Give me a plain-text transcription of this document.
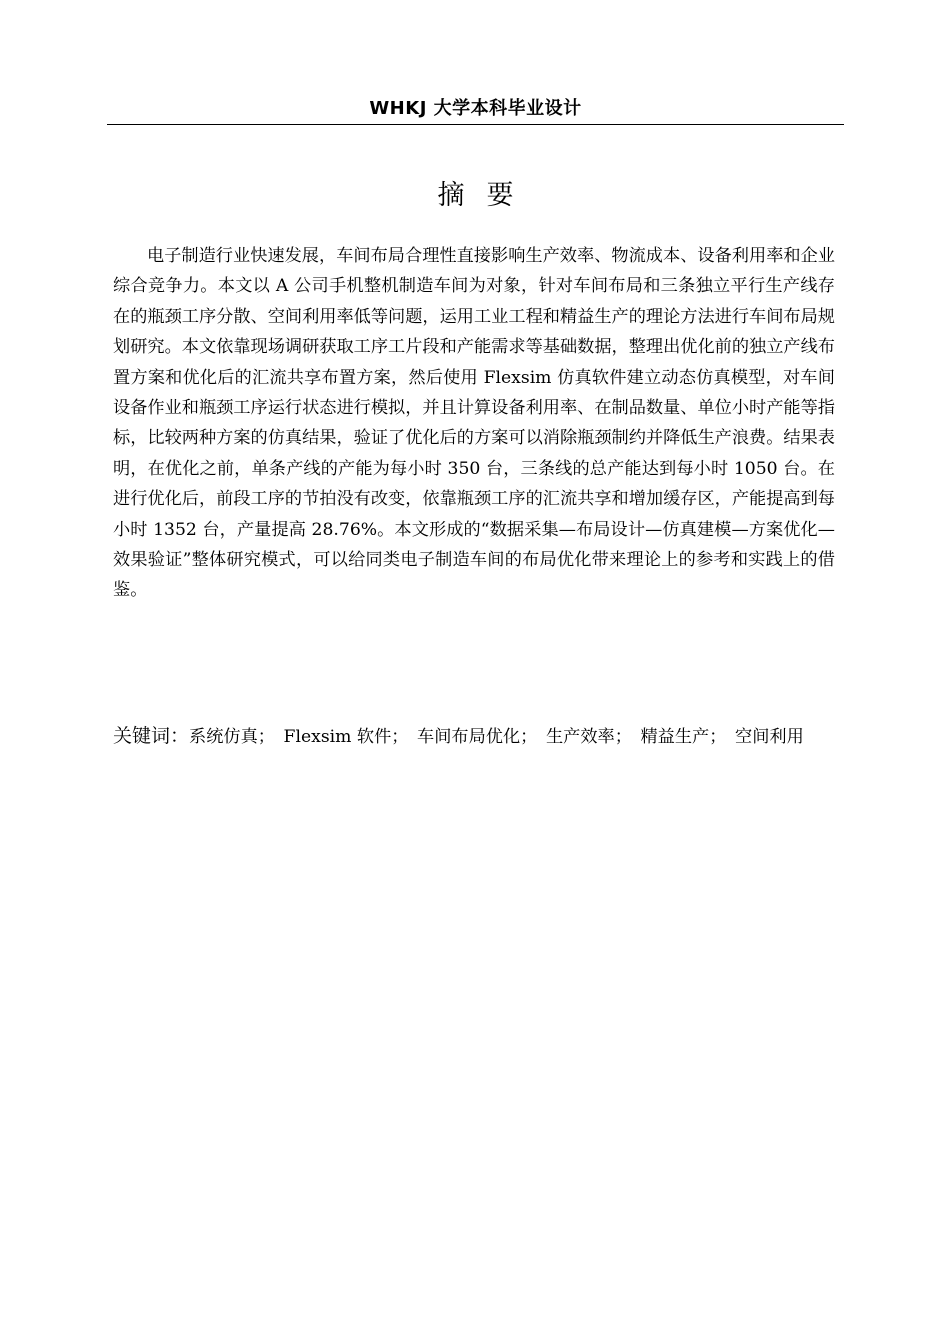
WHKJ 大学本科毕业设计
摘要

电子制造行业快速发展，车间布局合理性直接影响生产效率、物流成本、设备利用率和企业综合竞争力。本文以 A 公司手机整机制造车间为对象，针对车间布局和三条独立平行生产线存在的瓶颈工序分散、空间利用率低等问题，运用工业工程和精益生产的理论方法进行车间布局规划研究。本文依靠现场调研获取工序工片段和产能需求等基础数据，整理出优化前的独立产线布置方案和优化后的汇流共享布置方案，然后使用 Flexsim 仿真软件建立动态仿真模型，对车间设备作业和瓶颈工序运行状态进行模拟，并且计算设备利用率、在制品数量、单位小时产能等指标，比较两种方案的仿真结果，验证了优化后的方案可以消除瓶颈制约并降低生产浪费。结果表明，在优化之前，单条产线的产能为每小时 350 台，三条线的总产能达到每小时 1050 台。在进行优化后，前段工序的节拍没有改变，依靠瓶颈工序的汇流共享和增加缓存区，产能提高到每小时 1352 台，产量提高 28.76%。本文形成的“数据采集—布局设计—仿真建模—方案优化—效果验证”整体研究模式，可以给同类电子制造车间的布局优化带来理论上的参考和实践上的借鉴。

关键词：系统仿真；　Flexsim 软件；　车间布局优化；　生产效率；　精益生产；　空间利用
